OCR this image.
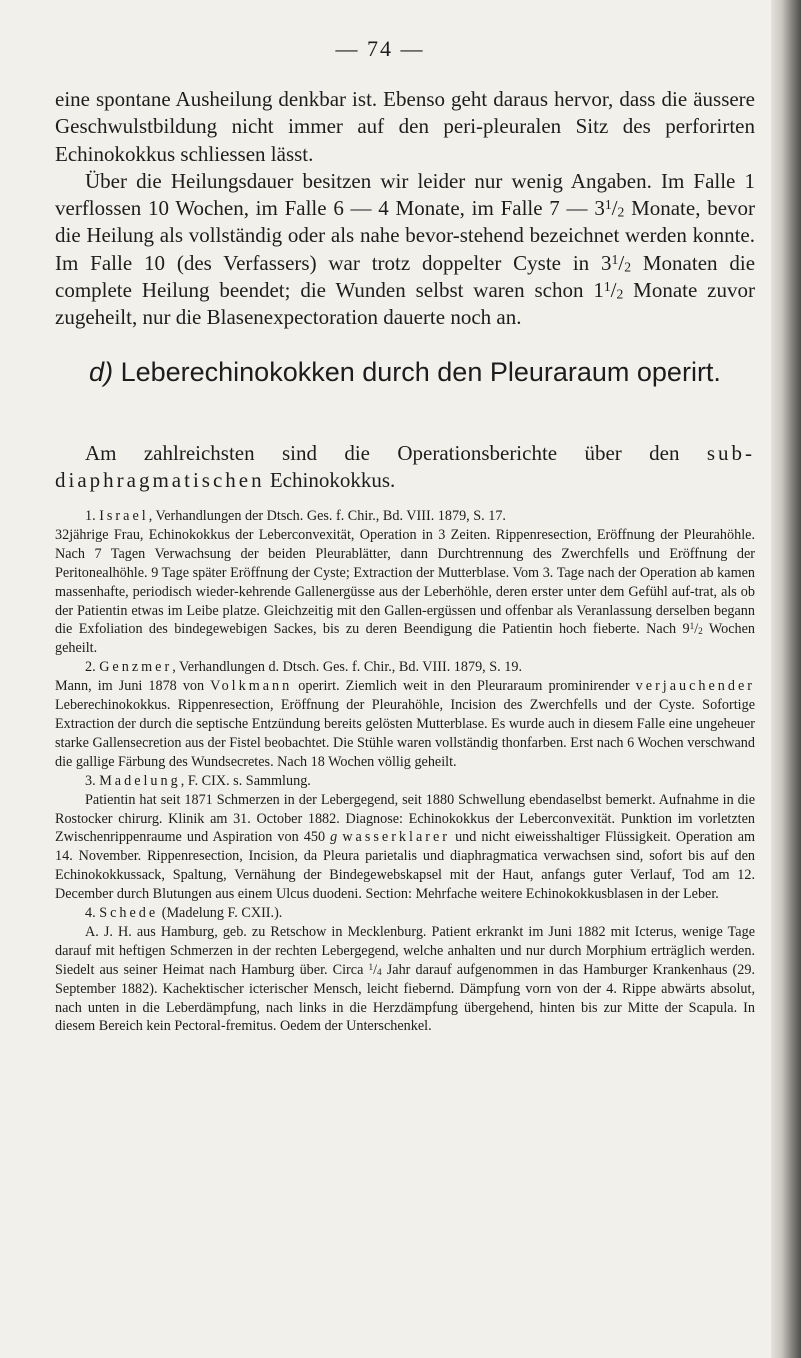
— 74 —

eine spontane Ausheilung denkbar ist. Ebenso geht daraus hervor, dass die äussere Geschwulstbildung nicht immer auf den peri-pleuralen Sitz des perforirten Echinokokkus schliessen lässt.

Über die Heilungsdauer besitzen wir leider nur wenig Angaben. Im Falle 1 verflossen 10 Wochen, im Falle 6 — 4 Monate, im Falle 7 — $3^1/_2$ Monate, bevor die Heilung als vollständig oder als nahe bevor-stehend bezeichnet werden konnte. Im Falle 10 (des Verfassers) war trotz doppelter Cyste in $3^1/_2$ Monaten die complete Heilung beendet; die Wunden selbst waren schon $1^1/_2$ Monate zuvor zugeheilt, nur die Blasenexpectoration dauerte noch an.

d) Leberechinokokken durch den Pleuraraum operirt.

Am zahlreichsten sind die Operationsberichte über den sub-diaphragmatischen Echinokokkus.

1. Israel, Verhandlungen der Dtsch. Ges. f. Chir., Bd. VIII. 1879, S. 17.

32jährige Frau, Echinokokkus der Leberconvexität, Operation in 3 Zeiten. Rippenresection, Eröffnung der Pleurahöhle. Nach 7 Tagen Verwachsung der beiden Pleurablätter, dann Durchtrennung des Zwerchfells und Eröffnung der Peritonealhöhle. 9 Tage später Eröffnung der Cyste; Extraction der Mutterblase. Vom 3. Tage nach der Operation ab kamen massenhafte, periodisch wieder-kehrende Gallenergüsse aus der Leberhöhle, deren erster unter dem Gefühl auf-trat, als ob der Patientin etwas im Leibe platze. Gleichzeitig mit den Gallen-ergüssen und offenbar als Veranlassung derselben begann die Exfoliation des bindegewebigen Sackes, bis zu deren Beendigung die Patientin hoch fieberte. Nach $9^1/_2$ Wochen geheilt.

2. Genzmer, Verhandlungen d. Dtsch. Ges. f. Chir., Bd. VIII. 1879, S. 19.

Mann, im Juni 1878 von Volkmann operirt. Ziemlich weit in den Pleuraraum prominirender verjauchender Leberechinokokkus. Rippenresection, Eröffnung der Pleurahöhle, Incision des Zwerchfells und der Cyste. Sofortige Extraction der durch die septische Entzündung bereits gelösten Mutterblase. Es wurde auch in diesem Falle eine ungeheuer starke Gallensecretion aus der Fistel beobachtet. Die Stühle waren vollständig thonfarben. Erst nach 6 Wochen verschwand die gallige Färbung des Wundsecretes. Nach 18 Wochen völlig geheilt.

3. Madelung, F. CIX. s. Sammlung.

Patientin hat seit 1871 Schmerzen in der Lebergegend, seit 1880 Schwellung ebendaselbst bemerkt. Aufnahme in die Rostocker chirurg. Klinik am 31. October 1882. Diagnose: Echinokokkus der Leberconvexität. Punktion im vorletzten Zwischenrippenraume und Aspiration von 450 g wasserklarer und nicht eiweisshaltiger Flüssigkeit. Operation am 14. November. Rippenresection, Incision, da Pleura parietalis und diaphragmatica verwachsen sind, sofort bis auf den Echinokokkussack, Spaltung, Vernähung der Bindegewebskapsel mit der Haut, anfangs guter Verlauf, Tod am 12. December durch Blutungen aus einem Ulcus duodeni. Section: Mehrfache weitere Echinokokkusblasen in der Leber.

4. Schede (Madelung F. CXII.).

A. J. H. aus Hamburg, geb. zu Retschow in Mecklenburg. Patient erkrankt im Juni 1882 mit Icterus, wenige Tage darauf mit heftigen Schmerzen in der rechten Lebergegend, welche anhalten und nur durch Morphium erträglich werden. Siedelt aus seiner Heimat nach Hamburg über. Circa $^1/_4$ Jahr darauf aufgenommen in das Hamburger Krankenhaus (29. September 1882). Kachektischer icterischer Mensch, leicht fiebernd. Dämpfung vorn von der 4. Rippe abwärts absolut, nach unten in die Leberdämpfung, nach links in die Herzdämpfung übergehend, hinten bis zur Mitte der Scapula. In diesem Bereich kein Pectoral-fremitus. Oedem der Unterschenkel.
